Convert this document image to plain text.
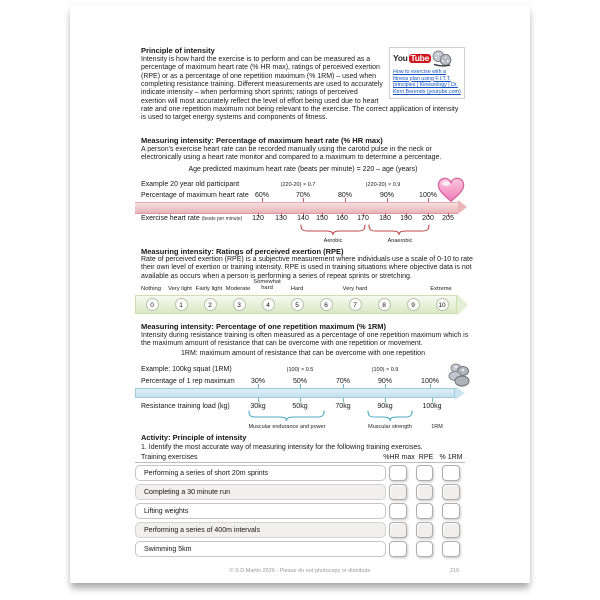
Principle of intensity
You Tube
How to exercise with a fitness plan using F.I.T.T. principles | Kinesiology | Dr. Kerri Berends (youtube.com)
Intensity is how hard the exercise is to perform and can be measured as a percentage of maximum heart rate (% HR max), ratings of perceived exertion (RPE) or as a percentage of one repetition maximum (% 1RM) – used when completing resistance training. Different measurements are used to accurately indicate intensity – when performing short sprints; ratings of perceived exertion will most accurately reflect the level of effort being used due to heart rate and one repetition maximum not being relevant to the exercise. The correct application of intensity is used to target energy systems and components of fitness.
Measuring intensity: Percentage of maximum heart rate (% HR max)
A person's exercise heart rate can be recorded manually using the carotid pulse in the neck or electronically using a heart rate monitor and compared to a maximum to determine a percentage.
Age predicted maximum heart rate (beats per minute) = 220 – age (years)
Example 20 year old participant	(220-20) × 0.7	(220-20) × 0.9
Percentage of maximum heart rate 60%	70%	80%	90%	100%
Exercise heart rate (beats per minute) 120 130 140 150 160 170 180 190 200 205
Aerobic	Anaerobic
Measuring intensity: Ratings of perceived exertion (RPE)
Rate of perceived exertion (RPE) is a subjective measurement where individuals use a scale of 0-10 to rate their own level of exertion or training intensity. RPE is used in training situations where objective data is not available as occurs when a person is performing a series of repeat sprints or stretching.
Nothing Very light Fairly light Moderate
Somewhat hard	Hard	Very hard	Extreme
0	1	2	3	4	5	6	7	8	9	10
Measuring intensity: Percentage of one repetition maximum (% 1RM)
Intensity during resistance training is often measured as a percentage of one repetition maximum which is the maximum amount of resistance that can be overcome with one repetition or movement.
1RM: maximum amount of resistance that can be overcome with one repetition
Example: 100kg squat (1RM)	(100) × 0.5	(100) × 0.9
Percentage of 1 rep maximum 30%	50%	70%	90%	100%
Resistance training load (kg)	30kg	50kg	70kg	90kg	100kg
Muscular endurance and power	Muscular strength	1RM
Activity: Principle of intensity
1. Identify the most accurate way of measuring intensity for the following training exercises.
Training exercises	%HR max RPE % 1RM
Performing a series of short 20m sprints
Completing a 30 minute run
Lifting weights
Performing a series of 400m intervals
Swimming 5km
© S D Martin 2026 - Please do not photocopy or distribute	216
